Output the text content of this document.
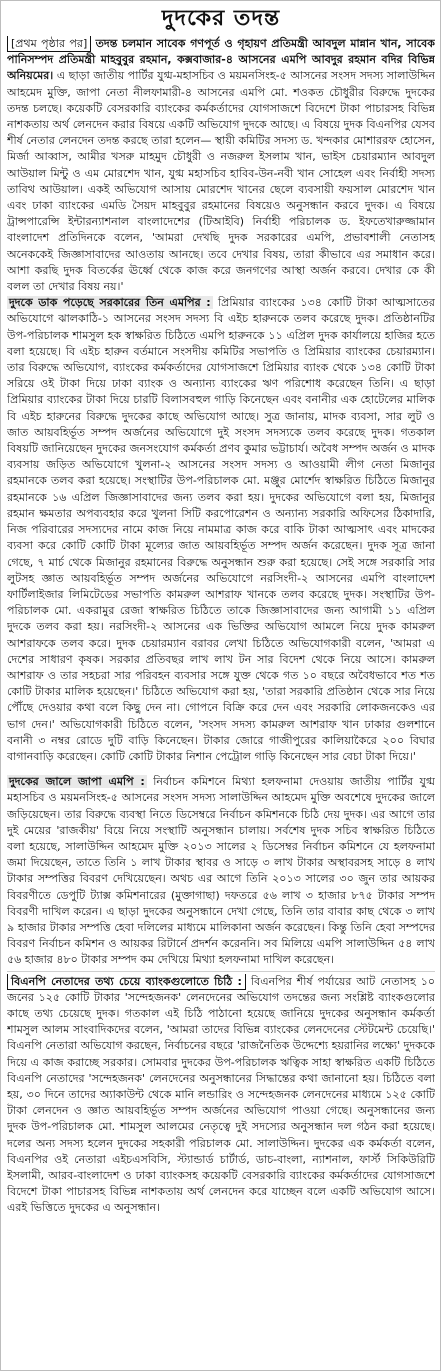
দুদকের তদন্ত

[প্রথম পৃষ্ঠার পর] তদন্ত চলমান সাবেক গণপূর্ত ও গৃহায়ণ প্রতিমন্ত্রী আবদুল মান্নান খান, সাবেক পানিসম্পদ প্রতিমন্ত্রী মাহবুবুর রহমান, কক্সবাজার-৪ আসনের এমপি আবদুর রহমান বদির বিভিন্ন অনিয়মের। এ ছাড়া জাতীয় পার্টির যুগ্ম-মহাসচিব ও ময়মনসিংহ-৫ আসনের সংসদ সদস্য সালাউদ্দিন আহমেদ মুক্তি, জাপা নেতা নীলফামারী-৪ আসনের এমপি মো. শওকত চৌধুরীর বিরুদ্ধে দুদকের তদন্ত চলছে। কয়েকটি বেসরকারি ব্যাংকের কর্মকর্তাদের যোগসাজশে বিদেশে টাকা পাচারসহ বিভিন্ন নাশকতায় অর্থ লেনদেন করার বিষয়ে একটি অভিযোগ দুদকে আছে। এ বিষয়ে দুদক বিএনপির যেসব শীর্ষ নেতার লেনদেন তদন্ত করছে তারা হলেন— স্থায়ী কমিটির সদস্য ড. খন্দকার মোশাররফ হোসেন, মির্জা আব্বাস, আমীর খসরু মাহমুদ চৌধুরী ও নজরুল ইসলাম খান, ভাইস চেয়ারম্যান আবদুল আউয়াল মিন্টু ও এম মোরশেদ খান, যুগ্ম মহাসচিব হাবিব-উন-নবী খান সোহেল এবং নির্বাহী সদস্য তাবিথ আউয়াল। একই অভিযোগ আসায় মোরশেদ খানের ছেলে ব্যবসায়ী ফয়সাল মোরশেদ খান এবং ঢাকা ব্যাংকের এমডি সৈয়দ মাহবুবুর রহমানের বিষয়েও অনুসন্ধান করবে দুদক। এ বিষয়ে ট্রান্সপারেন্সি ইন্টারন্যাশনাল বাংলাদেশের (টিআইবি) নির্বাহী পরিচালক ড. ইফতেখারুজ্জামান বাংলাদেশ প্রতিদিনকে বলেন, 'আমরা দেখছি দুদক সরকারের এমপি, প্রভাবশালী নেতাসহ অনেককেই জিজ্ঞাসাবাদের আওতায় আনছে। তবে দেখার বিষয়, তারা কীভাবে এর সমাধান করে। আশা করছি দুদক বিতর্কের ঊর্ধ্বে থেকে কাজ করে জনগণের আস্থা অর্জন করবে। দেখার কে কী বলল তা দেখার বিষয় নয়।'

দুদকে ডাক পড়েছে সরকারের তিন এমপির : প্রিমিয়ার ব্যাংকের ১৩৪ কোটি টাকা আত্মসাতের অভিযোগে ঝালকাঠি-১ আসনের সংসদ সদস্য বি এইচ হারুনকে তলব করেছে দুদক। প্রতিষ্ঠানটির উপ-পরিচালক শামসুল হক স্বাক্ষরিত চিঠিতে এমপি হারুনকে ১১ এপ্রিল দুদক কার্যালয়ে হাজির হতে বলা হয়েছে। বি এইচ হারুন বর্তমানে সংসদীয় কমিটির সভাপতি ও প্রিমিয়ার ব্যাংকের চেয়ারম্যান। তার বিরুদ্ধে অভিযোগ, ব্যাংকের কর্মকর্তাদের যোগসাজশে প্রিমিয়ার ব্যাংক থেকে ১৩৪ কোটি টাকা সরিয়ে ওই টাকা দিয়ে ঢাকা ব্যাংক ও অন্যান্য ব্যাংকের ঋণ পরিশোধ করেছেন তিনি। এ ছাড়া প্রিমিয়ার ব্যাংকের টাকা দিয়ে চারটি বিলাসবহুল গাড়ি কিনেছেন এবং বনানীর এক হোটেলের মালিক বি এইচ হারুনের বিরুদ্ধে দুদকের কাছে অভিযোগ আছে। সুত্র জানায়, মাদক ব্যবসা, সার লুট ও জাত আয়বহির্ভূত সম্পদ অর্জনের অভিযোগে দুই সংসদ সদস্যকে তলব করেছে দুদক। গতকাল বিষয়টি জানিয়েছেন দুদকের জনসংযোগ কর্মকর্তা প্রণব কুমার ভট্টাচার্য। অবৈধ সম্পদ অর্জন ও মাদক ব্যবসায় জড়িত অভিযোগে খুলনা-২ আসনের সংসদ সদস্য ও আওয়ামী লীগ নেতা মিজানুর রহমানকে তলব করা হয়েছে। সংস্থাটির উপ-পরিচালক মো. মঞ্জুর মোর্শেদ স্বাক্ষরিত চিঠিতে মিজানুর রহমানকে ১৬ এপ্রিল জিজ্ঞাসাবাদের জন্য তলব করা হয়। দুদকের অভিযোগে বলা হয়, মিজানুর রহমান ক্ষমতার অপব্যবহার করে খুলনা সিটি করপোরেশন ও অন্যান্য সরকারি অফিসের ঠিকাদারি, নিজ পরিবারের সদস্যদের নামে কাজ নিয়ে নামমাত্র কাজ করে বাকি টাকা আত্মসাৎ এবং মাদকের ব্যবসা করে কোটি কোটি টাকা মূল্যের জাত আয়বহির্ভূত সম্পদ অর্জন করেছেন। দুদক সূত্র জানা গেছে, ৭ মার্চ থেকে মিজানুর রহমানের বিরুদ্ধে অনুসন্ধান শুরু করা হয়েছে। সেই সঙ্গে সরকারি সার লুটসহ জ্ঞাত আয়বহির্ভূত সম্পদ অর্জনের অভিযোগে নরসিংদী-২ আসনের এমপি বাংলাদেশ ফার্টিলাইজার লিমিটেডের সভাপতি কামরুল আশরাফ খানকে তলব করেছে দুদক। সংস্থাটির উপ-পরিচালক মো. একরামুর রেজা স্বাক্ষরিত চিঠিতে তাকে জিজ্ঞাসাবাদের জন্য আগামী ১১ এপ্রিল দুদকে তলব করা হয়। নরসিংদী-২ আসনের এক ভিক্তির অভিযোগ আমলে নিয়ে দুদক কামরুল আশরাফকে তলব করে। দুদক চেয়ারম্যান বরাবর লেখা চিঠিতে অভিযোগকারী বলেন, 'আমরা এ দেশের সাধারণ কৃষক। সরকার প্রতিবছর লাখ লাখ টন সার বিদেশ থেকে নিয়ে আসে। কামরুল আশরাফ ও তার সহচরা সার পরিবহন ব্যবসার সঙ্গে যুক্ত থেকে গত ১০ বছরে অবৈধভাবে শত শত কোটি টাকার মালিক হয়েছেন।' চিঠিতে অভিযোগ করা হয়, 'তারা সরকারি প্রতিষ্ঠান থেকে সার নিয়ে পৌঁছে দেওয়ার কথা বলে কিছু দেন না। গোপনে বিক্রি করে দেন এবং সরকারি লোকজনকেও এর ভাগ দেন।' অভিযোগকারী চিঠিতে বলেন, 'সংসদ সদস্য কামরুল আশরাফ খান ঢাকার গুলশানে বনানী ৩ নম্বর রোডে দুটি বাড়ি কিনেছেন। টাকার জোরে গাজীপুরের কালিয়াকৈরে ২০০ বিঘার বাগানবাড়ি করেছেন। কোটি কোটি টাকার নিশান পেট্রোল গাড়ি কিনেছেন সার বেচা টাকা দিয়ে।'

দুদকের জালে জাপা এমপি : নির্বাচন কমিশনে মিথ্যা হলফনামা দেওয়ায় জাতীয় পার্টির যুগ্ম মহাসচিব ও ময়মনসিংহ-৫ আসনের সংসদ সদস্য সালাউদ্দিন আহমেদ মুক্তি অবশেষে দুদকের জালে জড়িয়েছেন। তার বিরুদ্ধে ব্যবস্থা নিতে ডিসেম্বরে নির্বাচন কমিশনকে চিঠি দেয় দুদক। এর আগে তার দুই মেয়ের 'রাজকীয়' বিয়ে নিয়ে সংস্থাটি অনুসন্ধান চালায়। সর্বশেষ দুদক সচিব স্বাক্ষরিত চিঠিতে বলা হয়েছে, সালাউদ্দিন আহমেদ মুক্তি ২০১৩ সালের ২ ডিসেম্বর নির্বাচন কমিশনে যে হলফনামা জমা দিয়েছেন, তাতে তিনি ১ লাখ টাকার স্থাবর ও সাড়ে ৩ লাখ টাকার অস্থাবরসহ সাড়ে ৪ লাখ টাকার সম্পত্তির বিবরণ দেখিয়েছেন। অথচ এর আগে তিনি ২০১৩ সালের ৩০ জুন তার আয়কর বিবরণীতে ডেপুটি ট্যাক্স কমিশনারের (মুক্তাগাছা) দফতরে ৫৬ লাখ ৩ হাজার ৮৭৫ টাকার সম্পদ বিবরণী দাখিল করেন। এ ছাড়া দুদকের অনুসন্ধানে দেখা গেছে, তিনি তার বাবার কাছ থেকে ৩ লাখ ৯ হাজার টাকার সম্পত্তি হেবা দলিলের মাধ্যমে মালিকানা অর্জন করেছেন। কিন্তু তিনি হেবা সম্পদের বিবরণ নির্বাচন কমিশন ও আয়কর রিটার্নে প্রদর্শন করেননি। সব মিলিয়ে এমপি সালাউদ্দিন ৫৪ লাখ ৫৬ হাজার ৪৮০ টাকার সম্পদ কম দেখিয়ে মিথ্যা হলফনামা দাখিল করেছেন।

বিএনপি নেতাদের তথ্য চেয়ে ব্যাংকগুলোতে চিঠি : বিএনপির শীর্ষ পর্যায়ের আট নেতাসহ ১০ জনের ১২৫ কোটি টাকার 'সন্দেহজনক' লেনদেনের অভিযোগ তদন্তের জন্য সংশ্লিষ্ট ব্যাংকগুলোর কাছে তথ্য চেয়েছে দুদক। গতকাল এই চিঠি পাঠানো হয়েছে জানিয়ে দুদকের অনুসন্ধান কর্মকর্তা শামসুল আলম সাংবাদিকদের বলেন, 'আমরা তাদের বিভিন্ন ব্যাংকের লেনদেনের স্টেটমেন্ট চেয়েছি।' বিএনপি নেতারা অভিযোগ করছেন, নির্বাচনের বছরে 'রাজনৈতিক উদ্দেশ্যে হয়রানির লক্ষ্যে' দুদককে দিয়ে এ কাজ করাচ্ছে সরকার। সোমবার দুদকের উপ-পরিচালক ঋত্বিক সাহা স্বাক্ষরিত একটি চিঠিতে বিএনপি নেতাদের 'সন্দেহজনক' লেনদেনের অনুসন্ধানের সিদ্ধান্তের কথা জানানো হয়। চিঠিতে বলা হয়, ৩০ দিনে তাদের অ্যাকাউন্ট থেকে মানি লন্ডারিং ও সন্দেহজনক লেনদেনের মাধ্যমে ১২৫ কোটি টাকা লেনদেন ও জ্ঞাত আয়বহির্ভূত সম্পদ অর্জনের অভিযোগ পাওয়া গেছে। অনুসন্ধানের জন্য দুদক উপ-পরিচালক মো. শামসুল আলমের নেতৃত্বে দুই সদস্যের অনুসন্ধান দল গঠন করা হয়েছে। দলের অন্য সদস্য হলেন দুদকের সহকারী পরিচালক মো. সালাউদ্দিন। দুদকের এক কর্মকর্তা বলেন, বিএনপির ওই নেতারা এইচএসবিসি, স্ট্যান্ডার্ড চার্টার্ড, ডাচ-বাংলা, ন্যাশনাল, ফার্স্ট সিকিউরিটি ইসলামী, আরব-বাংলাদেশ ও ঢাকা ব্যাংকসহ কয়েকটি বেসরকারি ব্যাংকের কর্মকর্তাদের যোগসাজশে বিদেশে টাকা পাচারসহ বিভিন্ন নাশকতায় অর্থ লেনদেন করে যাচ্ছেন বলে একটি অভিযোগ আসে। এরই ভিত্তিতে দুদকের এ অনুসন্ধান।
